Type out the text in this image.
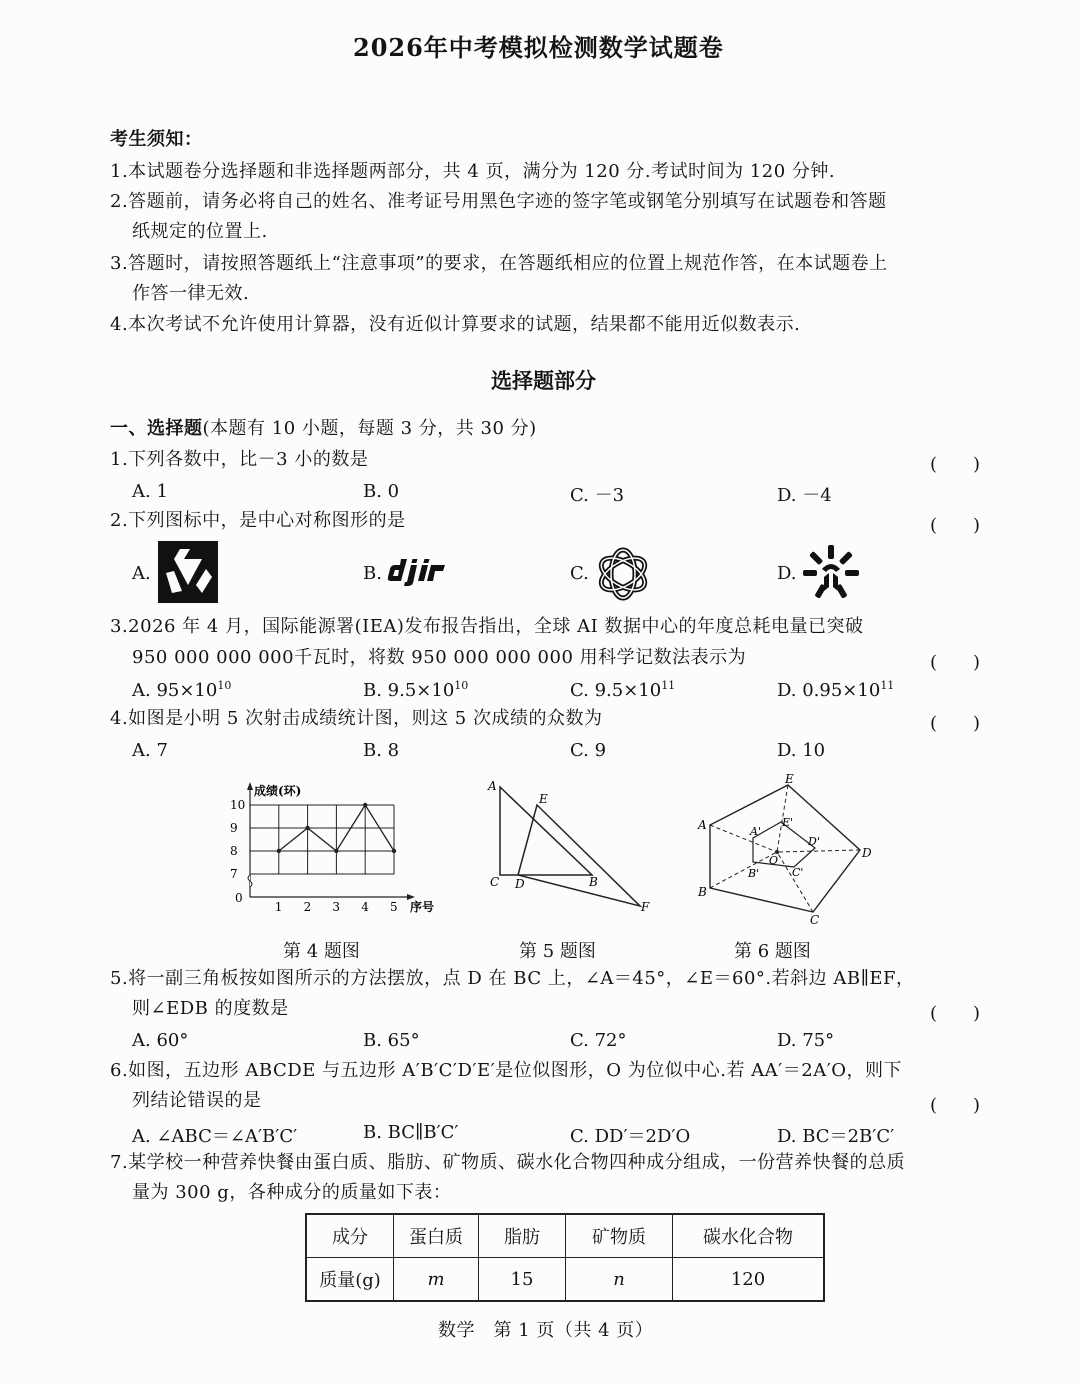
2026年中考模拟检测数学试题卷
考生须知：
1.本试题卷分选择题和非选择题两部分，共 4 页，满分为 120 分.考试时间为 120 分钟.
2.答题前，请务必将自己的姓名、准考证号用黑色字迹的签字笔或钢笔分别填写在试题卷和答题
纸规定的位置上.
3.答题时，请按照答题纸上“注意事项”的要求，在答题纸相应的位置上规范作答，在本试题卷上
作答一律无效.
4.本次考试不允许使用计算器，没有近似计算要求的试题，结果都不能用近似数表示.
选择题部分
一、选择题(本题有 10 小题，每题 3 分，共 30 分)
1.下列各数中，比－3 小的数是	(　　)
A. 1	B. 0	C. －3	D. －4
2.下列图标中，是中心对称图形的是	(　　)
A.	B.	C.	D.
3.2026 年 4 月，国际能源署(IEA)发布报告指出，全球 AI 数据中心的年度总耗电量已突破
950 000 000 000千瓦时，将数 950 000 000 000 用科学记数法表示为	(　　)
A. $95\times 10^{10}$	B. $9.5\times 10^{10}$	C. $9.5\times 10^{11}$	D. $0.95\times 10^{11}$
4.如图是小明 5 次射击成绩统计图，则这 5 次成绩的众数为	(　　)
A. 7	B. 8	C. 9	D. 10
成绩(环)
序号
10
9
8
7
0
1 2 3 4 5
第 4 题图
A
E
C D	B
F
第 5 题图
E
A	A'
E'
D'
D
O
B'	C'
B
C
第 6 题图
5.将一副三角板按如图所示的方法摆放，点 D 在 BC 上，∠A＝45°，∠E＝60°.若斜边 AB∥EF，
则∠EDB 的度数是	(　　)
A. 60°	B. 65°	C. 72°	D. 75°
6.如图，五边形 ABCDE 与五边形 A′B′C′D′E′是位似图形，O 为位似中心.若 AA′＝2A′O，则下
列结论错误的是	(　　)
A. ∠ABC＝∠A′B′C′	B. BC∥B′C′	C. DD′＝2D′O	D. BC＝2B′C′
7.某学校一种营养快餐由蛋白质、脂肪、矿物质、碳水化合物四种成分组成，一份营养快餐的总质
量为 300 g，各种成分的质量如下表：
成分	蛋白质	脂肪	矿物质	碳水化合物
质量(g)	m	15	n	120
数学　第 1 页（共 4 页）
